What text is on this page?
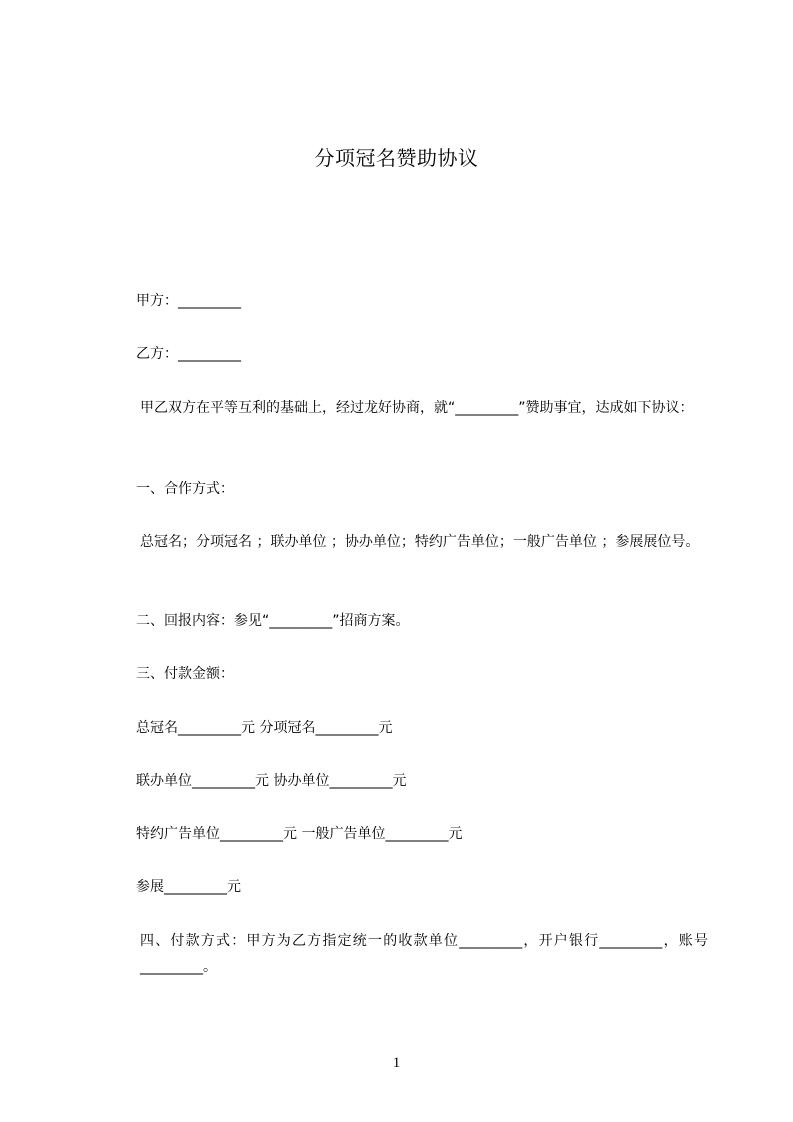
分项冠名赞助协议
甲方：_________
乙方：_________
甲乙双方在平等互利的基础上，经过龙好协商，就“_________”赞助事宜，达成如下协议：
一、合作方式：
总冠名；分项冠名 ；联办单位 ；协办单位；特约广告单位；一般广告单位 ；参展展位号。
二、回报内容：参见“_________”招商方案。
三、付款金额：
总冠名_________元 分项冠名_________元
联办单位_________元 协办单位_________元
特约广告单位_________元 一般广告单位_________元
参展_________元
四、付款方式：甲方为乙方指定统一的收款单位_________，开户银行_________，账号_________。
1
